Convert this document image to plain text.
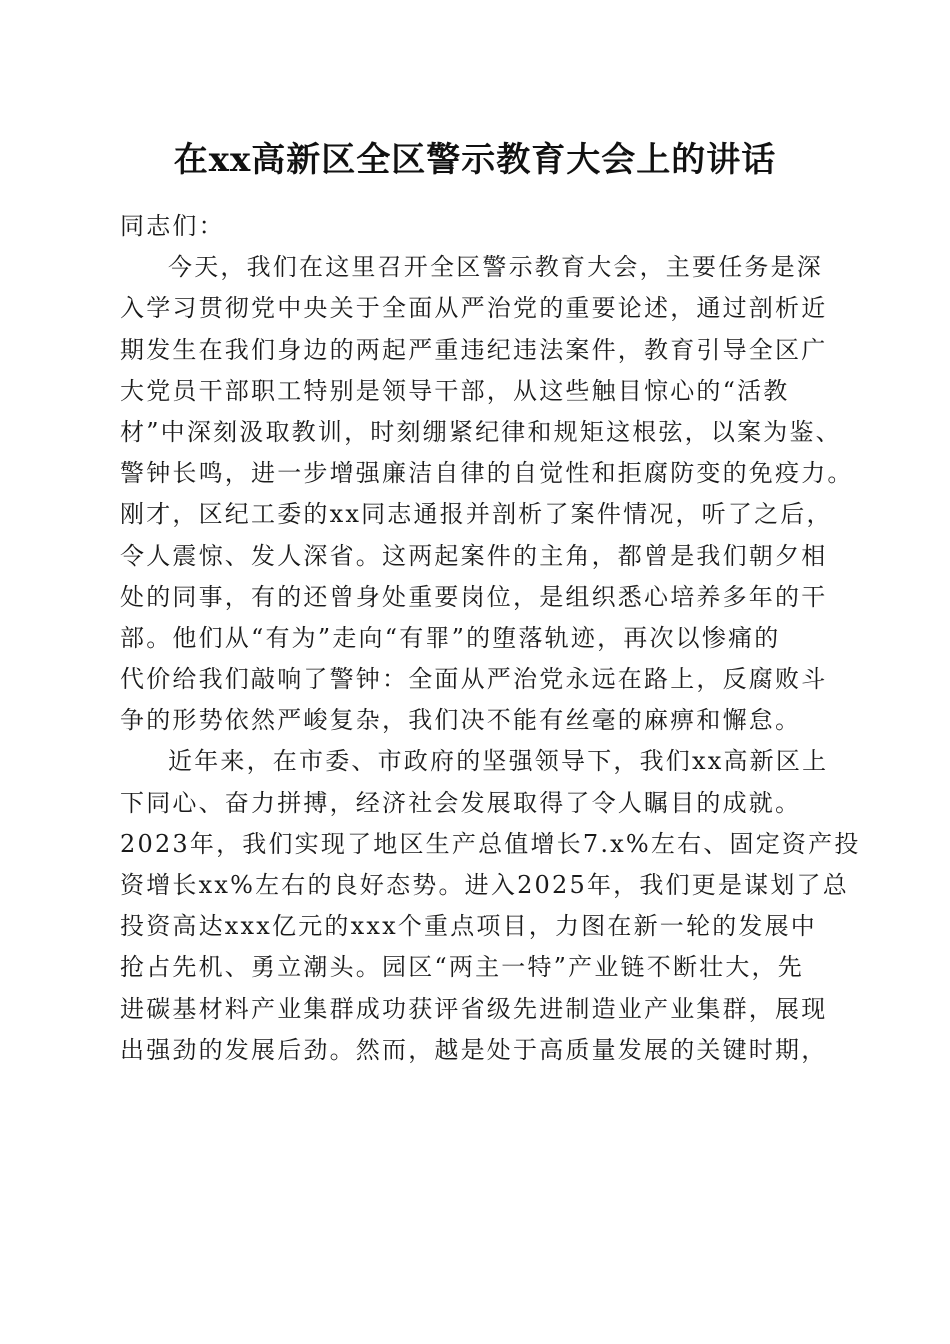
在xx高新区全区警示教育大会上的讲话
同志们：
今天，我们在这里召开全区警示教育大会，主要任务是深
入学习贯彻党中央关于全面从严治党的重要论述，通过剖析近
期发生在我们身边的两起严重违纪违法案件，教育引导全区广
大党员干部职工特别是领导干部，从这些触目惊心的“活教
材”中深刻汲取教训，时刻绷紧纪律和规矩这根弦，以案为鉴、
警钟长鸣，进一步增强廉洁自律的自觉性和拒腐防变的免疫力。
刚才，区纪工委的xx同志通报并剖析了案件情况，听了之后，
令人震惊、发人深省。这两起案件的主角，都曾是我们朝夕相
处的同事，有的还曾身处重要岗位，是组织悉心培养多年的干
部。他们从“有为”走向“有罪”的堕落轨迹，再次以惨痛的
代价给我们敲响了警钟：全面从严治党永远在路上，反腐败斗
争的形势依然严峻复杂，我们决不能有丝毫的麻痹和懈怠。
近年来，在市委、市政府的坚强领导下，我们xx高新区上
下同心、奋力拼搏，经济社会发展取得了令人瞩目的成就。
2023年，我们实现了地区生产总值增长7.x%左右、固定资产投
资增长xx%左右的良好态势。进入2025年，我们更是谋划了总
投资高达xxx亿元的xxx个重点项目，力图在新一轮的发展中
抢占先机、勇立潮头。园区“两主一特”产业链不断壮大，先
进碳基材料产业集群成功获评省级先进制造业产业集群，展现
出强劲的发展后劲。然而，越是处于高质量发展的关键时期，
